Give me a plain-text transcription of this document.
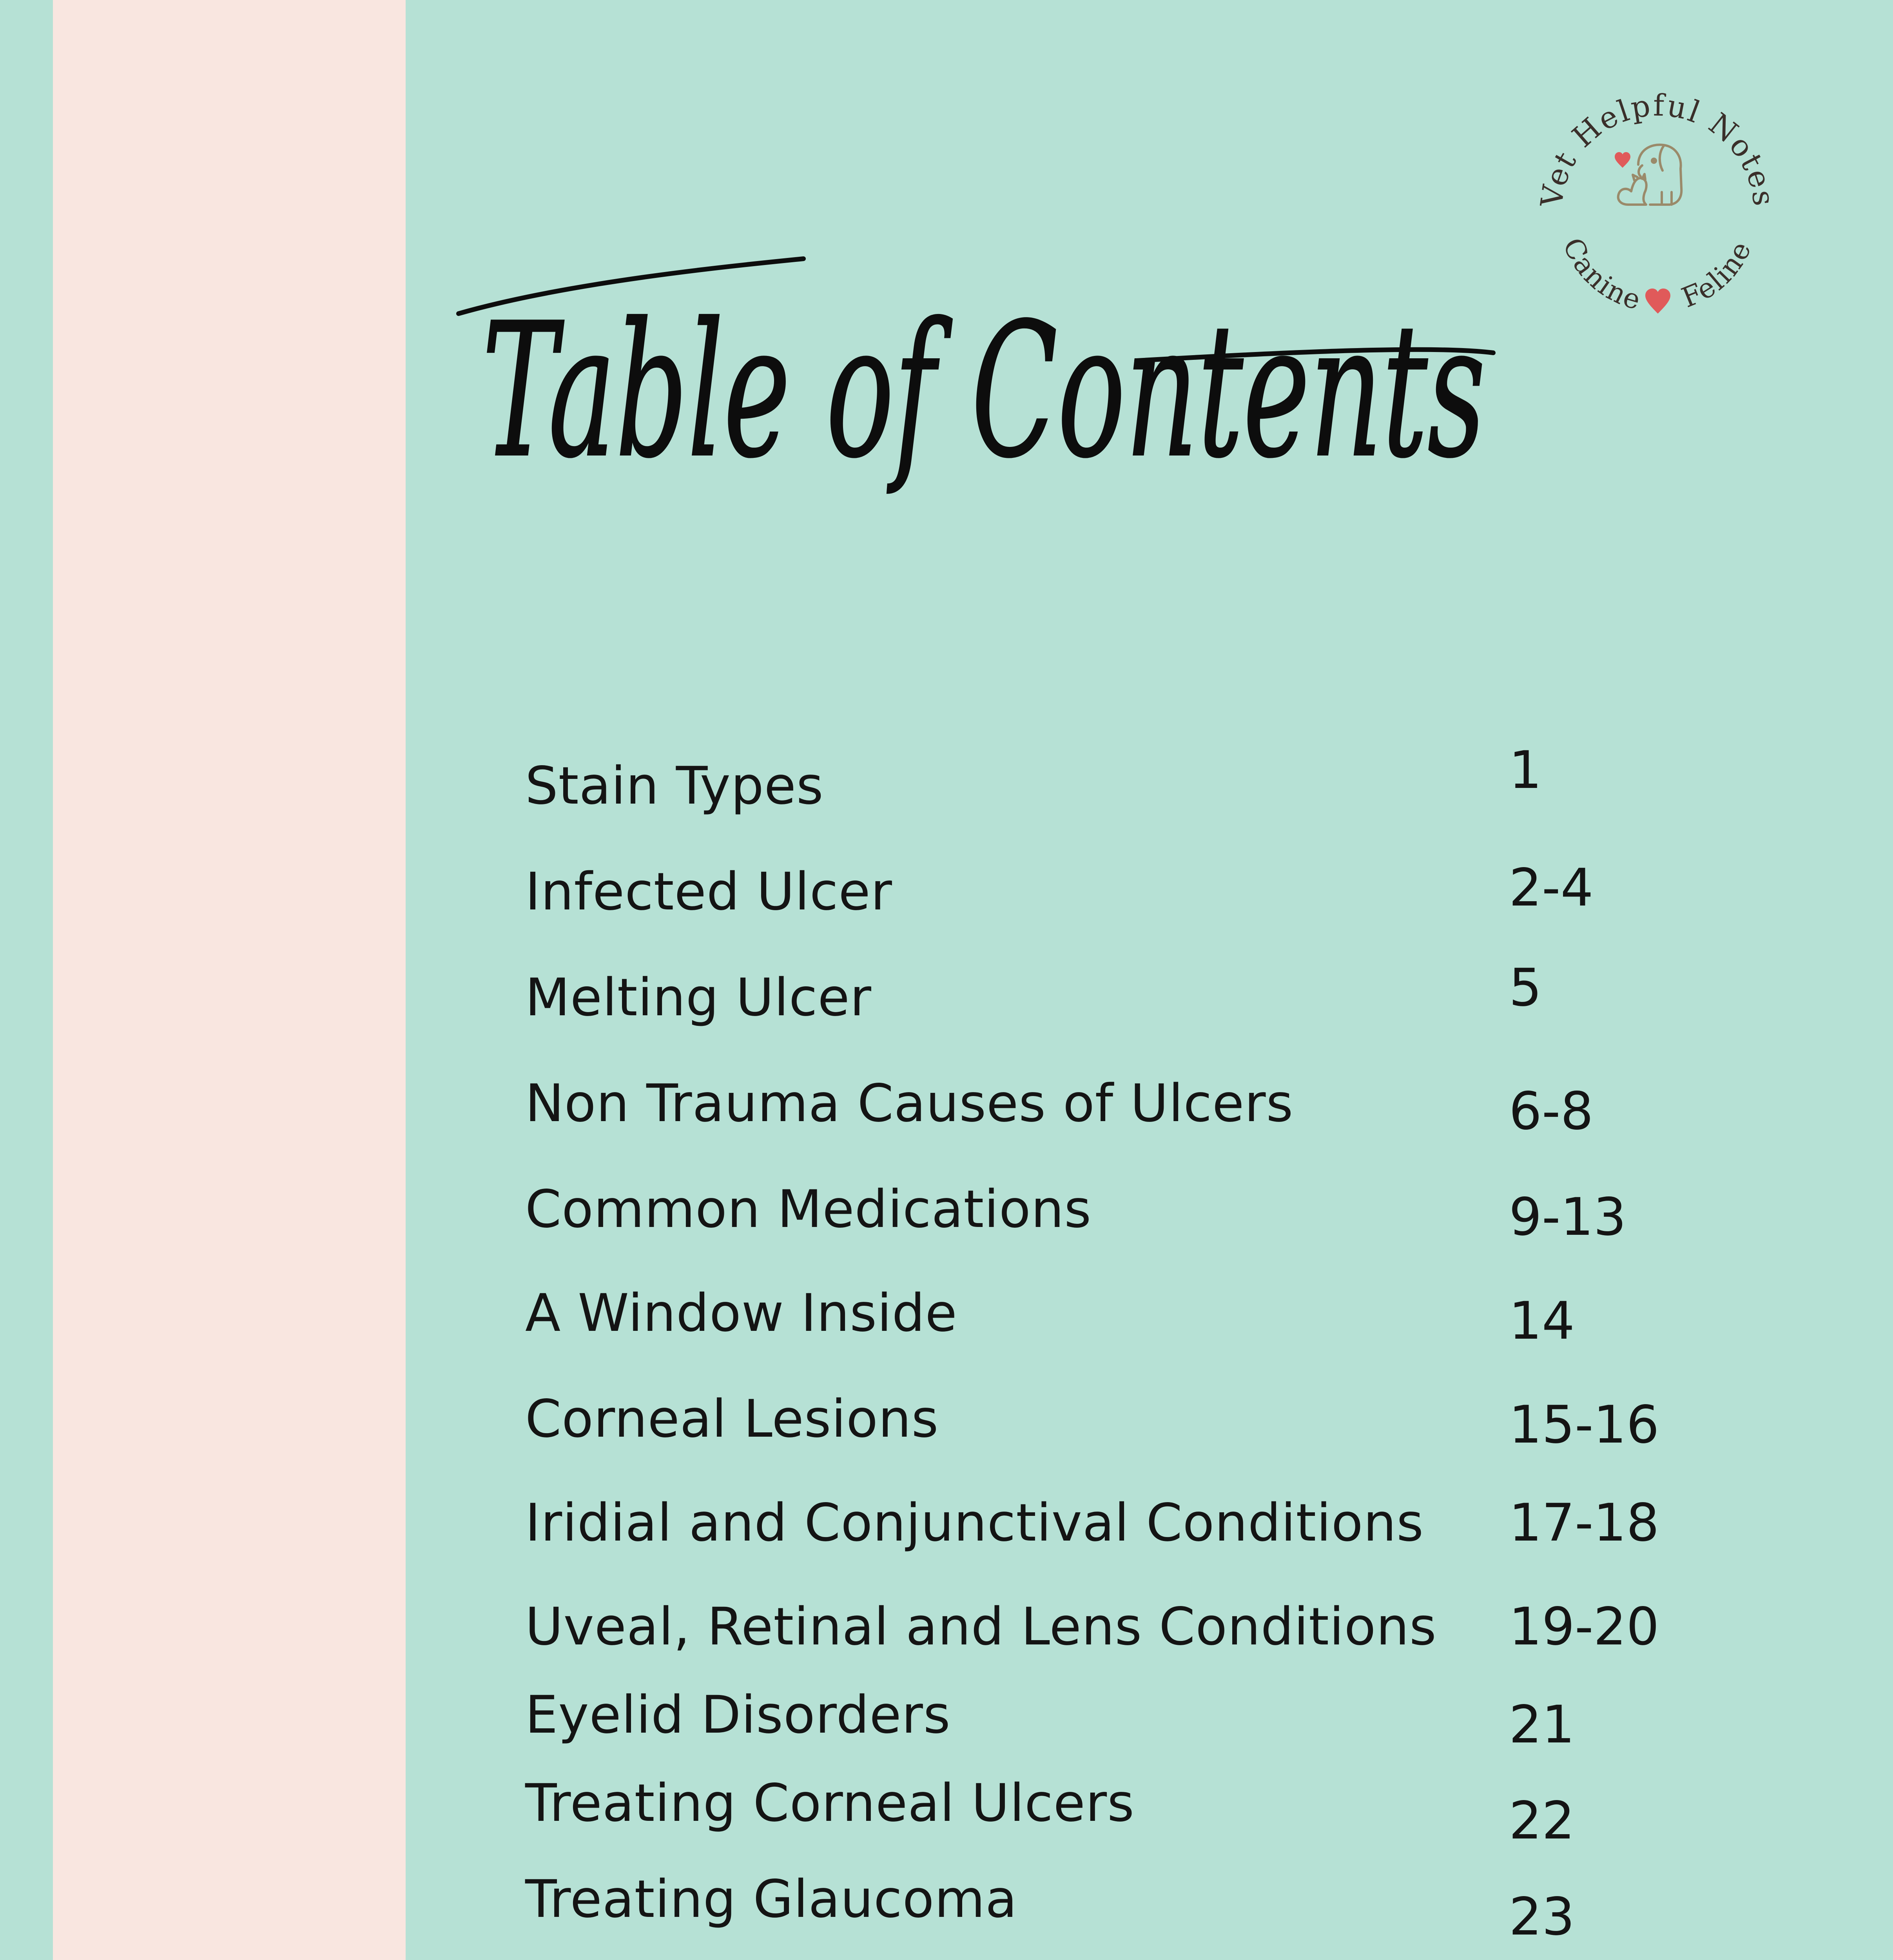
Vet Helpful Notes
Canine Feline
Table of Contents
Stain Types	1
Infected Ulcer	2-4
Melting Ulcer	5
Non Trauma Causes of Ulcers	6-8
Common Medications	9-13
A Window Inside	14
Corneal Lesions	15-16
Iridial and Conjunctival Conditions 17-18
Uveal, Retinal and Lens Conditions 19-20
Eyelid Disorders	21
Treating Corneal Ulcers	22
Treating Glaucoma	23
